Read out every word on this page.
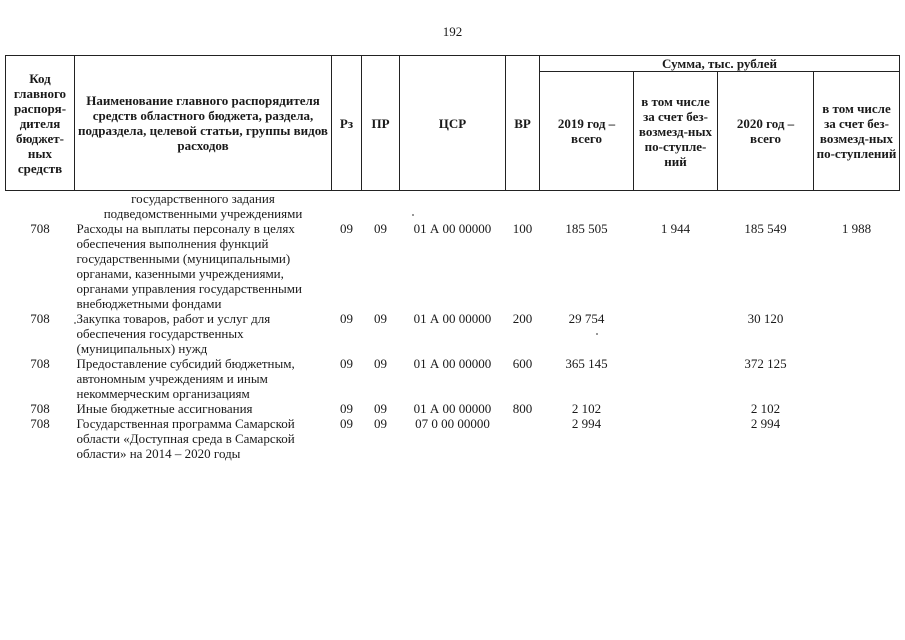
192
Код главного распоря-дителя бюджет-ных средств	Наименование главного распорядителя средств областного бюджета, раздела, подраздела, целевой статьи, группы видов расходов	Рз	ПР	ЦСР	ВР	Сумма, тыс. рублей			
						2019 год – всего	в том числе за счет без-возмезд-ных по-ступле-ний	2020 год – всего	в том числе за счет без-возмезд-ных по-ступлений
	государственного задания подведомственными учреждениями								
708	Расходы на выплаты персоналу в целях обеспечения выполнения функций государственными (муниципальными) органами, казенными учреждениями, органами управления государственными внебюджетными фондами	09	09	01 А 00 00000	100	185 505	1 944	185 549	1 988
708	Закупка товаров, работ и услуг для обеспечения государственных (муниципальных) нужд	09	09	01 А 00 00000	200	29 754		30 120	
708	Предоставление субсидий бюджетным, автономным учреждениям и иным некоммерческим организациям	09	09	01 А 00 00000	600	365 145		372 125	
708	Иные бюджетные ассигнования	09	09	01 А 00 00000	800	2 102		2 102	
708	Государственная программа Самарской области «Доступная среда в Самарской области» на 2014 – 2020 годы	09	09	07 0 00 00000		2 994		2 994	
